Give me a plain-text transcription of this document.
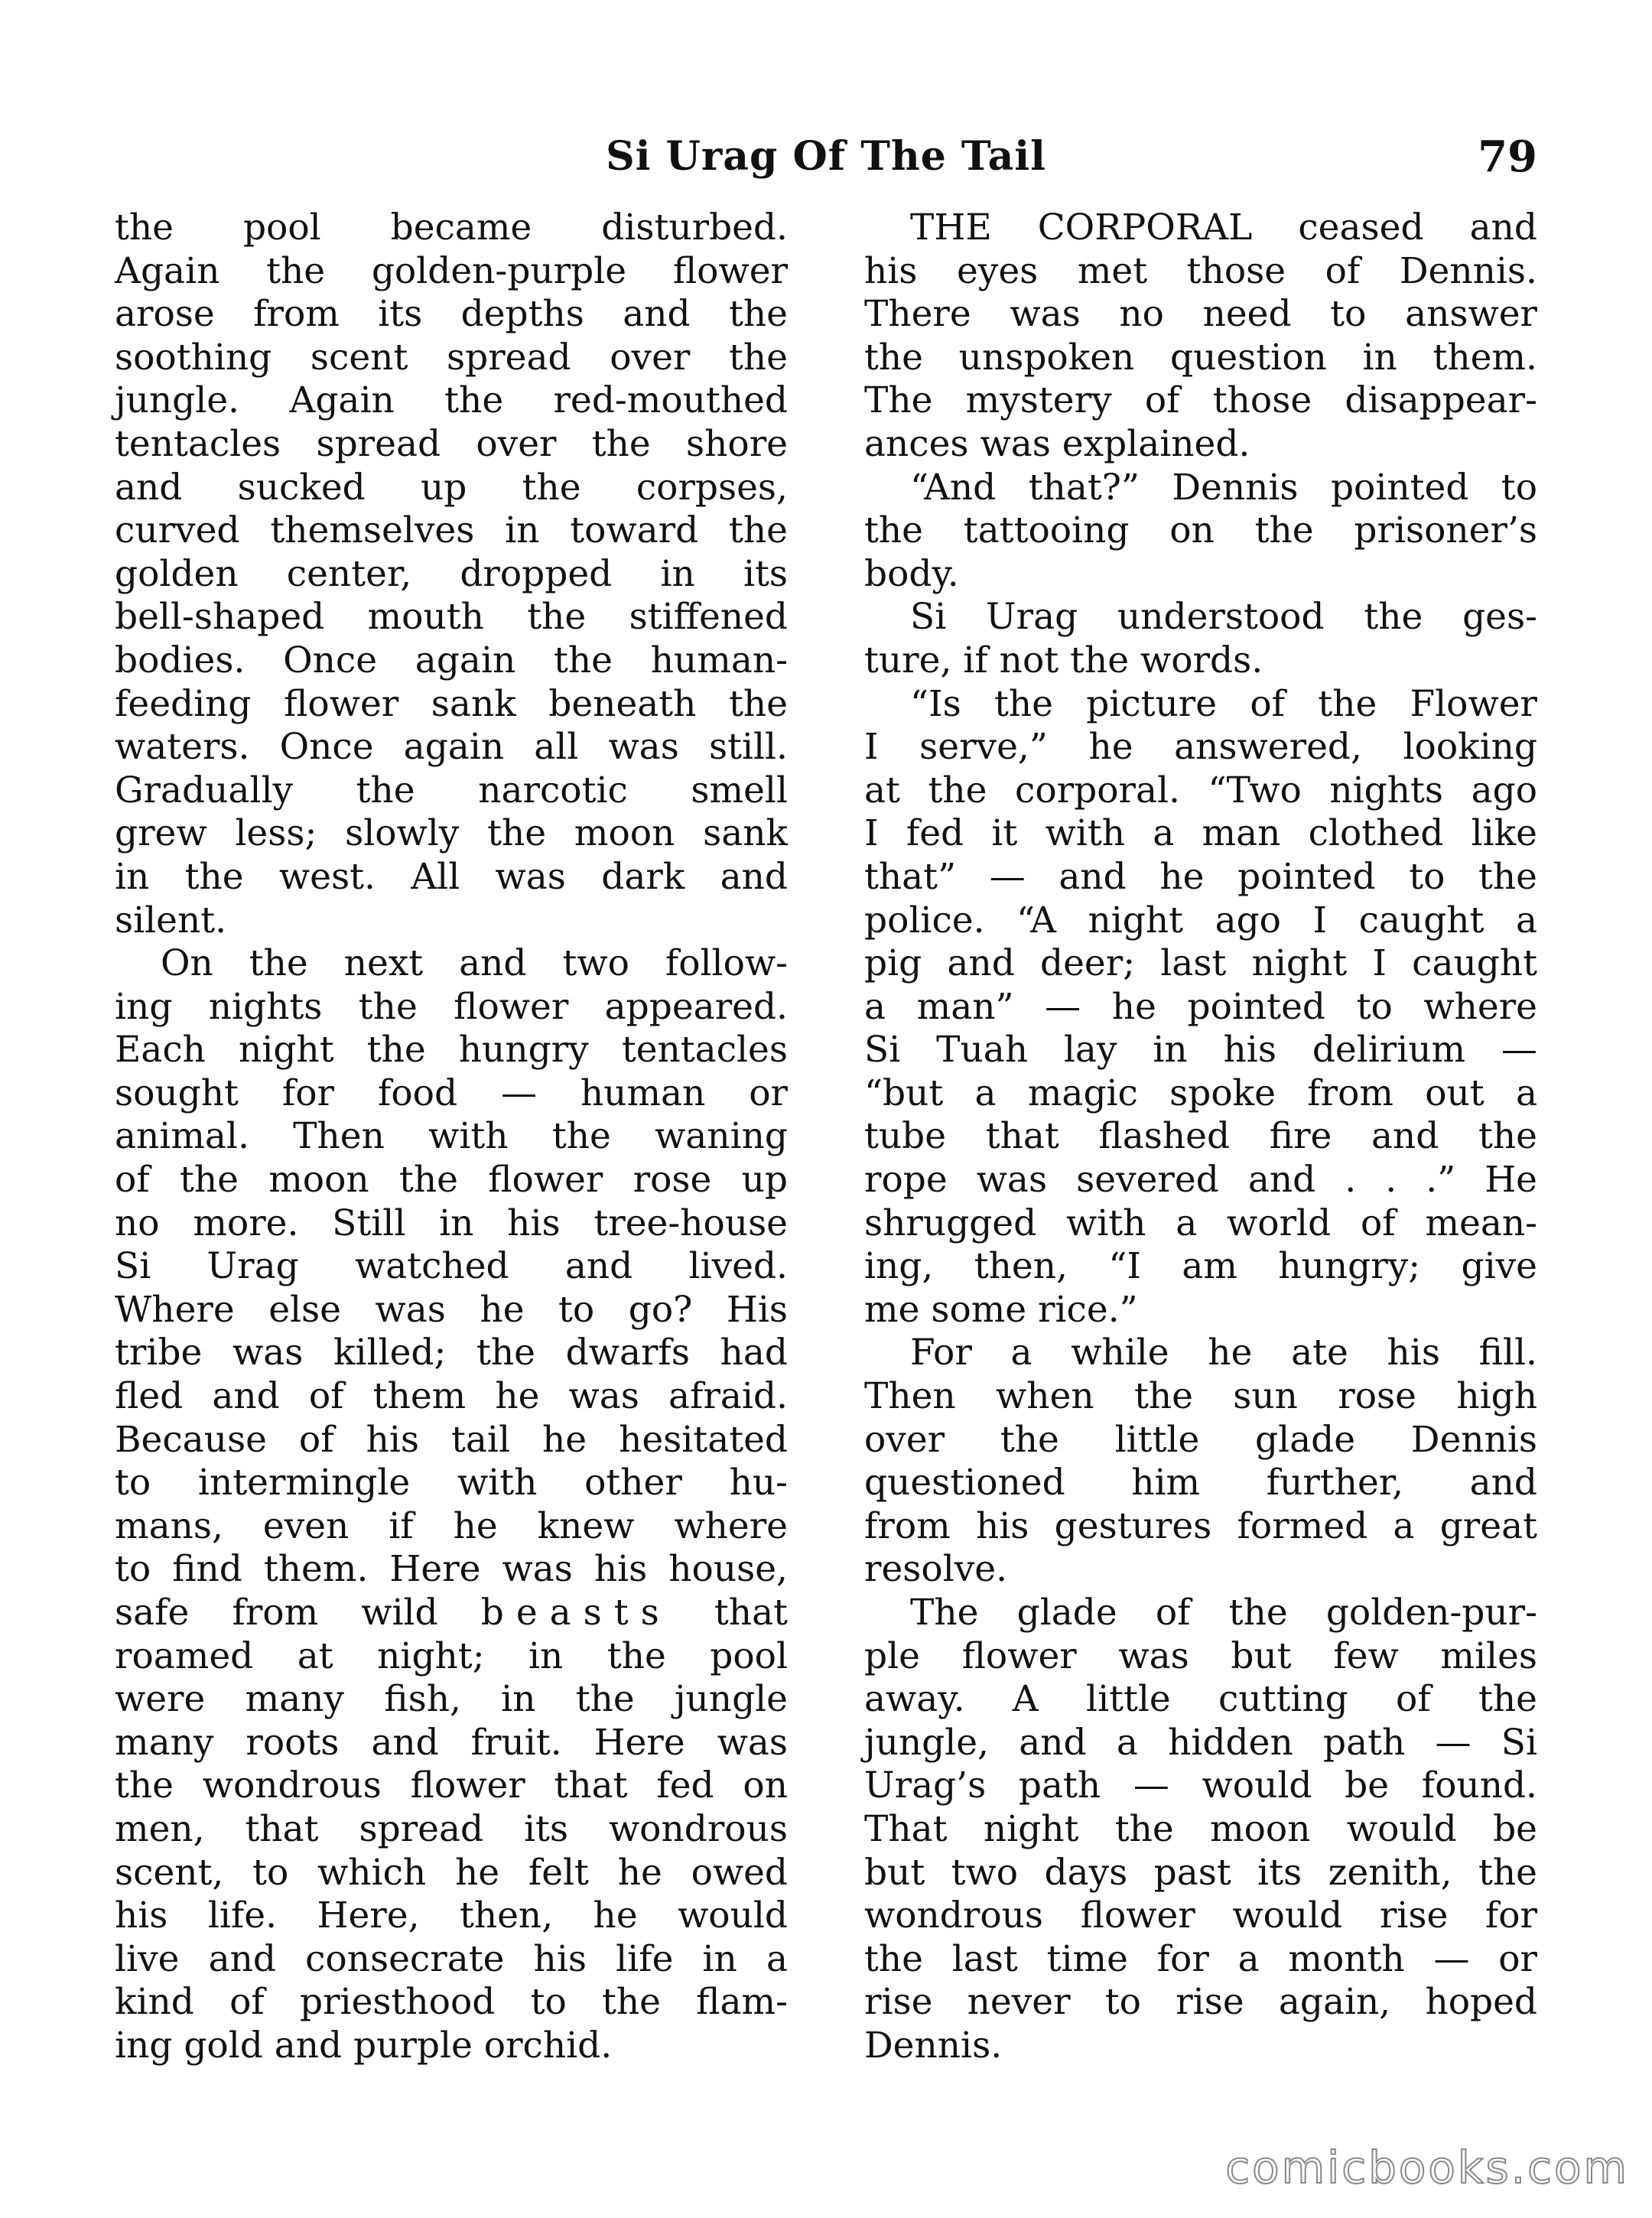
Si Urag Of The Tail	79
the pool became disturbed.
Again the golden-purple flower
arose from its depths and the
soothing scent spread over the
jungle. Again the red-mouthed
tentacles spread over the shore
and sucked up the corpses,
curved themselves in toward the
golden center, dropped in its
bell-shaped mouth the stiffened
bodies. Once again the human-
feeding flower sank beneath the
waters. Once again all was still.
Gradually the narcotic smell
grew less; slowly the moon sank
in the west. All was dark and
silent.
On the next and two follow-
ing nights the flower appeared.
Each night the hungry tentacles
sought for food — human or
animal. Then with the waning
of the moon the flower rose up
no more. Still in his tree-house
Si Urag watched and lived.
Where else was he to go? His
tribe was killed; the dwarfs had
fled and of them he was afraid.
Because of his tail he hesitated
to intermingle with other hu-
mans, even if he knew where
to find them. Here was his house,
safe from wild beasts that
roamed at night; in the pool
were many fish, in the jungle
many roots and fruit. Here was
the wondrous flower that fed on
men, that spread its wondrous
scent, to which he felt he owed
his life. Here, then, he would
live and consecrate his life in a
kind of priesthood to the flam-
ing gold and purple orchid.
THE CORPORAL ceased and
his eyes met those of Dennis.
There was no need to answer
the unspoken question in them.
The mystery of those disappear-
ances was explained.
“And that?” Dennis pointed to
the tattooing on the prisoner’s
body.
Si Urag understood the ges-
ture, if not the words.
“Is the picture of the Flower
I serve,” he answered, looking
at the corporal. “Two nights ago
I fed it with a man clothed like
that” — and he pointed to the
police. “A night ago I caught a
pig and deer; last night I caught
a man” — he pointed to where
Si Tuah lay in his delirium —
“but a magic spoke from out a
tube that flashed fire and the
rope was severed and . . .” He
shrugged with a world of mean-
ing, then, “I am hungry; give
me some rice.”
For a while he ate his fill.
Then when the sun rose high
over the little glade Dennis
questioned him further, and
from his gestures formed a great
resolve.
The glade of the golden-pur-
ple flower was but few miles
away. A little cutting of the
jungle, and a hidden path — Si
Urag’s path — would be found.
That night the moon would be
but two days past its zenith, the
wondrous flower would rise for
the last time for a month — or
rise never to rise again, hoped
Dennis.
comicbooks.com
